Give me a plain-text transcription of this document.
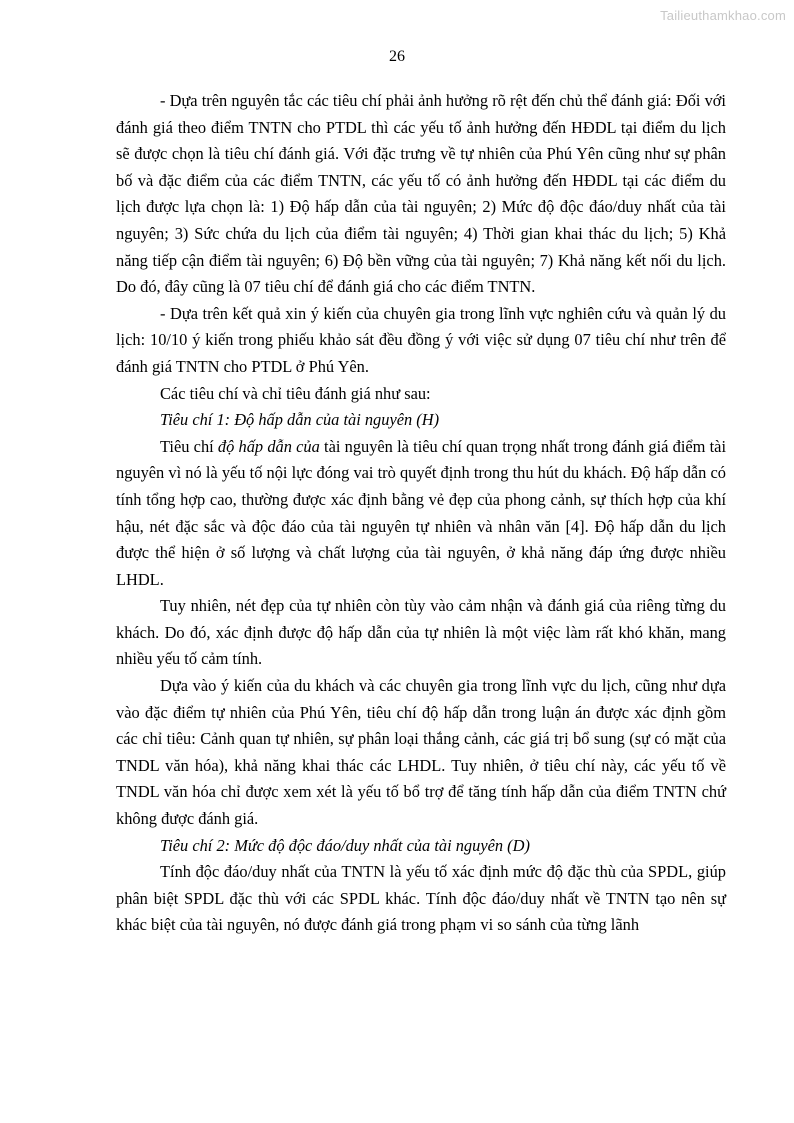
Tailieuthamkhao.com
26

- Dựa trên nguyên tắc các tiêu chí phải ảnh hưởng rõ rệt đến chủ thể đánh giá: Đối với đánh giá theo điểm TNTN cho PTDL thì các yếu tố ảnh hưởng đến HĐDL tại điểm du lịch sẽ được chọn là tiêu chí đánh giá. Với đặc trưng về tự nhiên của Phú Yên cũng như sự phân bố và đặc điểm của các điểm TNTN, các yếu tố có ảnh hưởng đến HĐDL tại các điểm du lịch được lựa chọn là: 1) Độ hấp dẫn của tài nguyên; 2) Mức độ độc đáo/duy nhất của tài nguyên; 3) Sức chứa du lịch của điểm tài nguyên; 4) Thời gian khai thác du lịch; 5) Khả năng tiếp cận điểm tài nguyên; 6) Độ bền vững của tài nguyên; 7) Khả năng kết nối du lịch. Do đó, đây cũng là 07 tiêu chí để đánh giá cho các điểm TNTN.

- Dựa trên kết quả xin ý kiến của chuyên gia trong lĩnh vực nghiên cứu và quản lý du lịch: 10/10 ý kiến trong phiếu khảo sát đều đồng ý với việc sử dụng 07 tiêu chí như trên để đánh giá TNTN cho PTDL ở Phú Yên.

Các tiêu chí và chỉ tiêu đánh giá như sau:

Tiêu chí 1: Độ hấp dẫn của tài nguyên (H)

Tiêu chí độ hấp dẫn của tài nguyên là tiêu chí quan trọng nhất trong đánh giá điểm tài nguyên vì nó là yếu tố nội lực đóng vai trò quyết định trong thu hút du khách. Độ hấp dẫn có tính tổng hợp cao, thường được xác định bằng vẻ đẹp của phong cảnh, sự thích hợp của khí hậu, nét đặc sắc và độc đáo của tài nguyên tự nhiên và nhân văn [4]. Độ hấp dẫn du lịch được thể hiện ở số lượng và chất lượng của tài nguyên, ở khả năng đáp ứng được nhiều LHDL.

Tuy nhiên, nét đẹp của tự nhiên còn tùy vào cảm nhận và đánh giá của riêng từng du khách. Do đó, xác định được độ hấp dẫn của tự nhiên là một việc làm rất khó khăn, mang nhiều yếu tố cảm tính.

Dựa vào ý kiến của du khách và các chuyên gia trong lĩnh vực du lịch, cũng như dựa vào đặc điểm tự nhiên của Phú Yên, tiêu chí độ hấp dẫn trong luận án được xác định gồm các chỉ tiêu: Cảnh quan tự nhiên, sự phân loại thắng cảnh, các giá trị bổ sung (sự có mặt của TNDL văn hóa), khả năng khai thác các LHDL. Tuy nhiên, ở tiêu chí này, các yếu tố về TNDL văn hóa chỉ được xem xét là yếu tố bổ trợ để tăng tính hấp dẫn của điểm TNTN chứ không được đánh giá.

Tiêu chí 2: Mức độ độc đáo/duy nhất của tài nguyên (D)

Tính độc đáo/duy nhất của TNTN là yếu tố xác định mức độ đặc thù của SPDL, giúp phân biệt SPDL đặc thù với các SPDL khác. Tính độc đáo/duy nhất về TNTN tạo nên sự khác biệt của tài nguyên, nó được đánh giá trong phạm vi so sánh của từng lãnh
